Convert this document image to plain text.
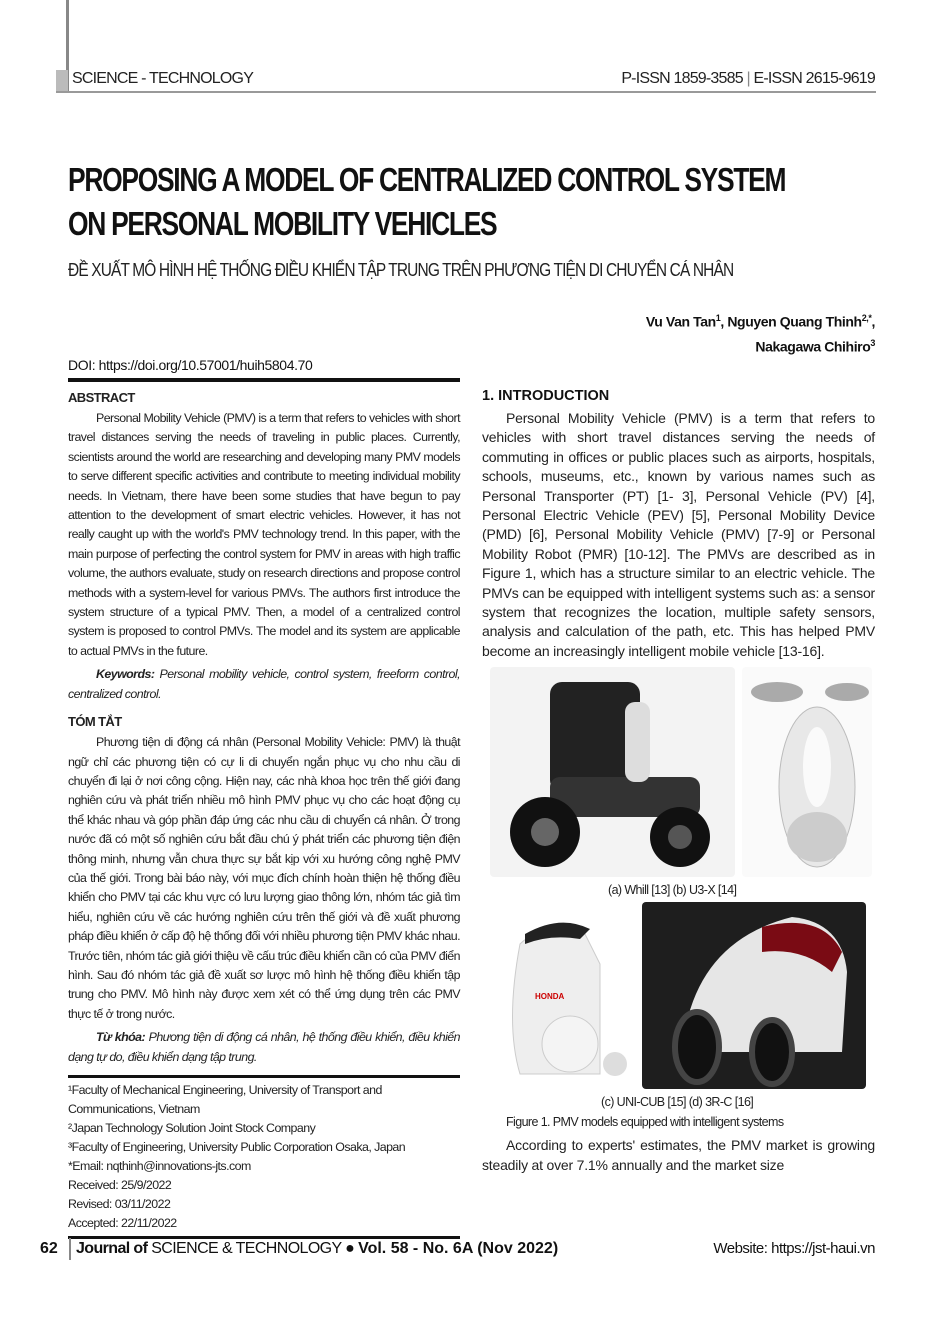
SCIENCE - TECHNOLOGY	P-ISSN 1859-3585 | E-ISSN 2615-9619
PROPOSING A MODEL OF CENTRALIZED CONTROL SYSTEM
ON PERSONAL MOBILITY VEHICLES
ĐỀ XUẤT MÔ HÌNH HỆ THỐNG ĐIỀU KHIỂN TẬP TRUNG TRÊN PHƯƠNG TIỆN DI CHUYỂN CÁ NHÂN
Vu Van Tan$^1$, Nguyen Quang Thinh$^{2,*}$,
Nakagawa Chihiro$^3$
DOI: https://doi.org/10.57001/huih5804.70
ABSTRACT

Personal Mobility Vehicle (PMV) is a term that refers to vehicles with short travel distances serving the needs of traveling in public places. Currently, scientists around the world are researching and developing many PMV models to serve different specific activities and contribute to meeting individual mobility needs. In Vietnam, there have been some studies that have begun to pay attention to the development of smart electric vehicles. However, it has not really caught up with the world's PMV technology trend. In this paper, with the main purpose of perfecting the control system for PMV in areas with high traffic volume, the authors evaluate, study on research directions and propose control methods with a system-level for various PMVs. The authors first introduce the system structure of a typical PMV. Then, a model of a centralized control system is proposed to control PMVs. The model and its system are applicable to actual PMVs in the future.

Keywords: Personal mobility vehicle, control system, freeform control, centralized control.

TÓM TẮT

Phương tiện di động cá nhân (Personal Mobility Vehicle: PMV) là thuật ngữ chỉ các phương tiện có cự li di chuyển ngắn phục vụ cho nhu cầu di chuyển đi lại ở nơi công cộng. Hiện nay, các nhà khoa học trên thế giới đang nghiên cứu và phát triển nhiều mô hình PMV phục vụ cho các hoạt động cụ thể khác nhau và góp phần đáp ứng các nhu cầu di chuyển cá nhân. Ở trong nước đã có một số nghiên cứu bắt đầu chú ý phát triển các phương tiện điện thông minh, nhưng vẫn chưa thực sự bắt kịp với xu hướng công nghệ PMV của thế giới. Trong bài báo này, với mục đích chính hoàn thiện hệ thống điều khiển cho PMV tại các khu vực có lưu lượng giao thông lớn, nhóm tác giả tìm hiểu, nghiên cứu về các hướng nghiên cứu trên thế giới và đề xuất phương pháp điều khiển ở cấp độ hệ thống đối với nhiều phương tiện PMV khác nhau. Trước tiên, nhóm tác giả giới thiệu về cấu trúc điều khiển cần có của PMV điển hình. Sau đó nhóm tác giả đề xuất sơ lược mô hình hệ thống điều khiển tập trung cho PMV. Mô hình này được xem xét có thể ứng dụng trên các PMV thực tế ở trong nước.

Từ khóa: Phương tiện di động cá nhân, hệ thống điều khiển, điều khiển dạng tự do, điều khiển dạng tập trung.

¹Faculty of Mechanical Engineering, University of Transport and Communications, Vietnam
²Japan Technology Solution Joint Stock Company
³Faculty of Engineering, University Public Corporation Osaka, Japan
*Email: nqthinh@innovations-jts.com
Received: 25/9/2022
Revised: 03/11/2022
Accepted: 22/11/2022
1. INTRODUCTION

Personal Mobility Vehicle (PMV) is a term that refers to vehicles with short travel distances serving the needs of commuting in offices or public places such as airports, hospitals, schools, museums, etc., known by various names such as Personal Transporter (PT) [1- 3], Personal Vehicle (PV) [4], Personal Electric Vehicle (PEV) [5], Personal Mobility Device (PMD) [6], Personal Mobility Vehicle (PMV) [7-9] or Personal Mobility Robot (PMR) [10-12]. The PMVs are described as in Figure 1, which has a structure similar to an electric vehicle. The PMVs can be equipped with intelligent systems such as: a sensor system that recognizes the location, multiple safety sensors, analysis and calculation of the path, etc. This has helped PMV become an increasingly intelligent mobile vehicle [13-16].

(a) Whill [13] (b) U3-X [14]
HONDA
(c) UNI-CUB [15] (d) 3R-C [16]
Figure 1. PMV models equipped with intelligent systems

According to experts' estimates, the PMV market is growing steadily at over 7.1% annually and the market size

62 Journal of SCIENCE & TECHNOLOGY ● Vol. 58 - No. 6A (Nov 2022)	Website: https://jst-haui.vn
